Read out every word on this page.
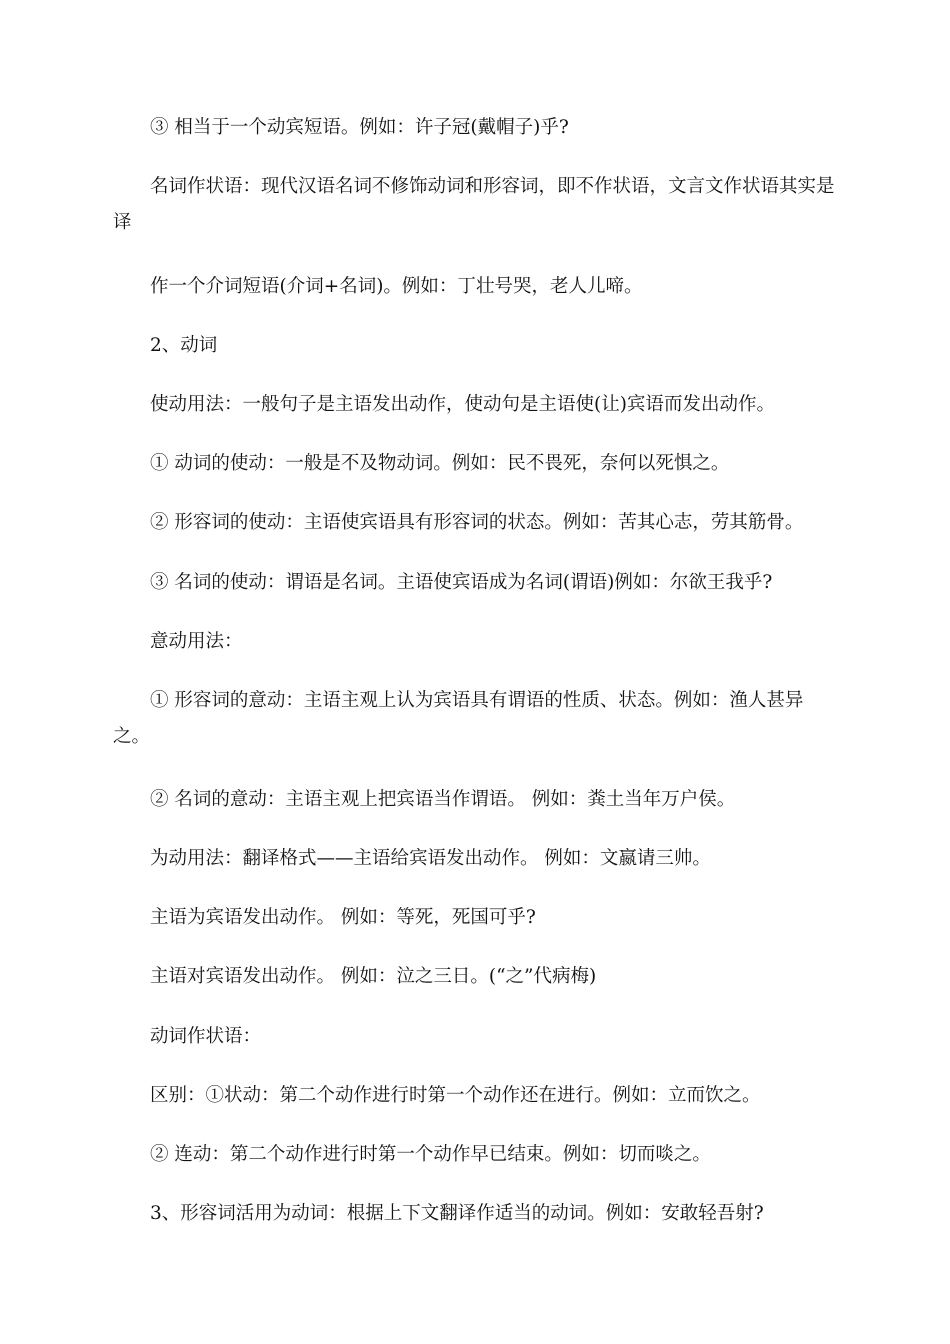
③ 相当于一个动宾短语。例如：许子冠(戴帽子)乎?

名词作状语：现代汉语名词不修饰动词和形容词，即不作状语，文言文作状语其实是译

作一个介词短语(介词+名词)。例如：丁壮号哭，老人儿啼。

2、动词

使动用法：一般句子是主语发出动作，使动句是主语使(让)宾语而发出动作。

① 动词的使动：一般是不及物动词。例如：民不畏死，奈何以死惧之。

② 形容词的使动：主语使宾语具有形容词的状态。例如：苦其心志，劳其筋骨。

③ 名词的使动：谓语是名词。主语使宾语成为名词(谓语)例如：尔欲王我乎?

意动用法：

① 形容词的意动：主语主观上认为宾语具有谓语的性质、状态。例如：渔人甚异之。

② 名词的意动：主语主观上把宾语当作谓语。 例如：粪土当年万户侯。

为动用法：翻译格式——主语给宾语发出动作。 例如：文嬴请三帅。

主语为宾语发出动作。 例如：等死，死国可乎?

主语对宾语发出动作。 例如：泣之三日。(“之”代病梅)

动词作状语：

区别：①状动：第二个动作进行时第一个动作还在进行。例如：立而饮之。

② 连动：第二个动作进行时第一个动作早已结束。例如：切而啖之。

3、形容词活用为动词：根据上下文翻译作适当的动词。例如：安敢轻吾射?
